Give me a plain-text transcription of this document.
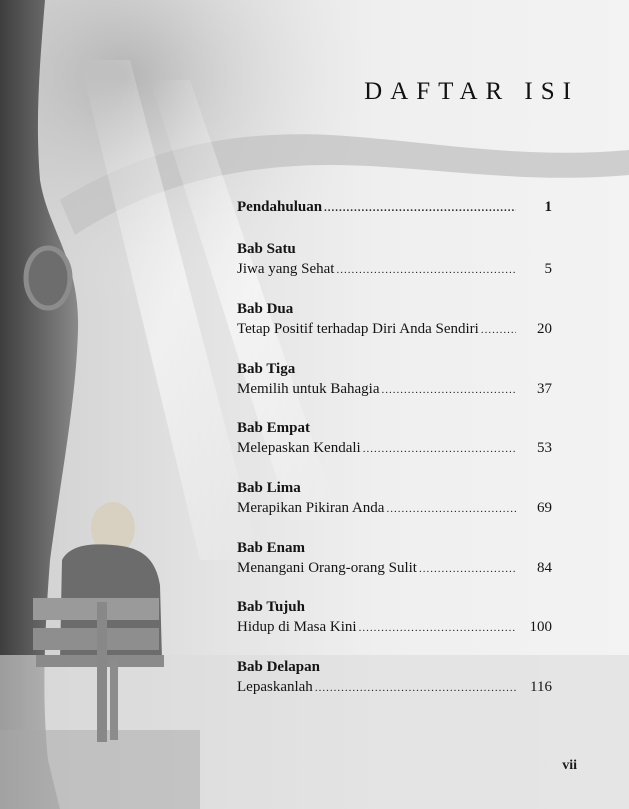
DAFTAR ISI
Pendahuluan .....	1
Bab Satu
Jiwa yang Sehat .....	5
Bab Dua
Tetap Positif terhadap Diri Anda Sendiri .....	20
Bab Tiga
Memilih untuk Bahagia .....	37
Bab Empat
Melepaskan Kendali .....	53
Bab Lima
Merapikan Pikiran Anda .....	69
Bab Enam
Menangani Orang-orang Sulit .....	84
Bab Tujuh
Hidup di Masa Kini .....	100
Bab Delapan
Lepaskanlah .....	116

vii
